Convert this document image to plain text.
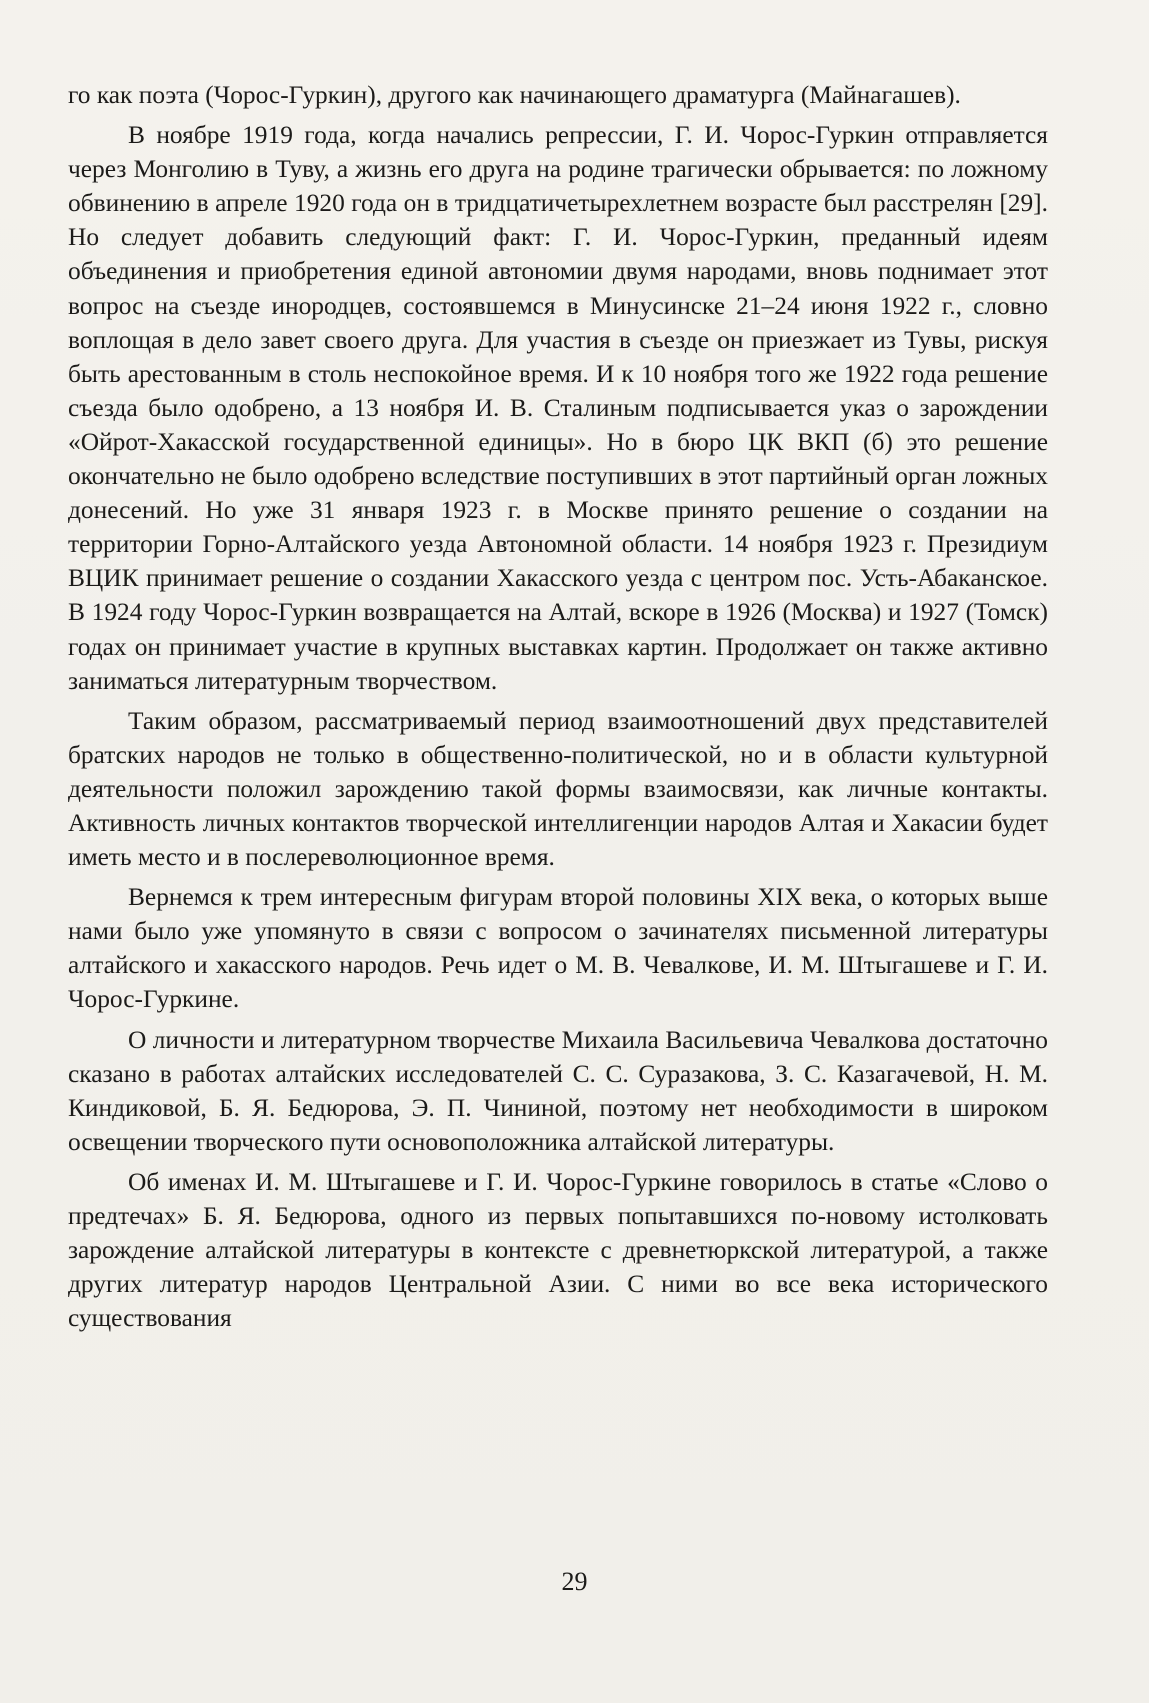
го как поэта (Чорос-Гуркин), другого как начинающего драматурга (Майнагашев).

В ноябре 1919 года, когда начались репрессии, Г. И. Чорос-Гуркин отправляется через Монголию в Туву, а жизнь его друга на родине трагически обрывается: по ложному обвинению в апреле 1920 года он в тридцатичетырехлетнем возрасте был расстрелян [29]. Но следует добавить следующий факт: Г. И. Чорос-Гуркин, преданный идеям объединения и приобретения единой автономии двумя народами, вновь поднимает этот вопрос на съезде инородцев, состоявшемся в Минусинске 21–24 июня 1922 г., словно воплощая в дело завет своего друга. Для участия в съезде он приезжает из Тувы, рискуя быть арестованным в столь неспокойное время. И к 10 ноября того же 1922 года решение съезда было одобрено, а 13 ноября И. В. Сталиным подписывается указ о зарождении «Ойрот-Хакасской государственной единицы». Но в бюро ЦК ВКП (б) это решение окончательно не было одобрено вследствие поступивших в этот партийный орган ложных донесений. Но уже 31 января 1923 г. в Москве принято решение о создании на территории Горно-Алтайского уезда Автономной области. 14 ноября 1923 г. Президиум ВЦИК принимает решение о создании Хакасского уезда с центром пос. Усть-Абаканское. В 1924 году Чорос-Гуркин возвращается на Алтай, вскоре в 1926 (Москва) и 1927 (Томск) годах он принимает участие в крупных выставках картин. Продолжает он также активно заниматься литературным творчеством.

Таким образом, рассматриваемый период взаимоотношений двух представителей братских народов не только в общественно-политической, но и в области культурной деятельности положил зарождению такой формы взаимосвязи, как личные контакты. Активность личных контактов творческой интеллигенции народов Алтая и Хакасии будет иметь место и в послереволюционное время.

Вернемся к трем интересным фигурам второй половины XIX века, о которых выше нами было уже упомянуто в связи с вопросом о зачинателях письменной литературы алтайского и хакасского народов. Речь идет о М. В. Чевалкове, И. М. Штыгашеве и Г. И. Чорос-Гуркине.

О личности и литературном творчестве Михаила Васильевича Чевалкова достаточно сказано в работах алтайских исследователей С. С. Суразакова, З. С. Казагачевой, Н. М. Киндиковой, Б. Я. Бедюрова, Э. П. Чининой, поэтому нет необходимости в широком освещении творческого пути основоположника алтайской литературы.

Об именах И. М. Штыгашеве и Г. И. Чорос-Гуркине говорилось в статье «Слово о предтечах» Б. Я. Бедюрова, одного из первых попытавшихся по-новому истолковать зарождение алтайской литературы в контексте с древнетюркской литературой, а также других литератур народов Центральной Азии. С ними во все века исторического существования

29
